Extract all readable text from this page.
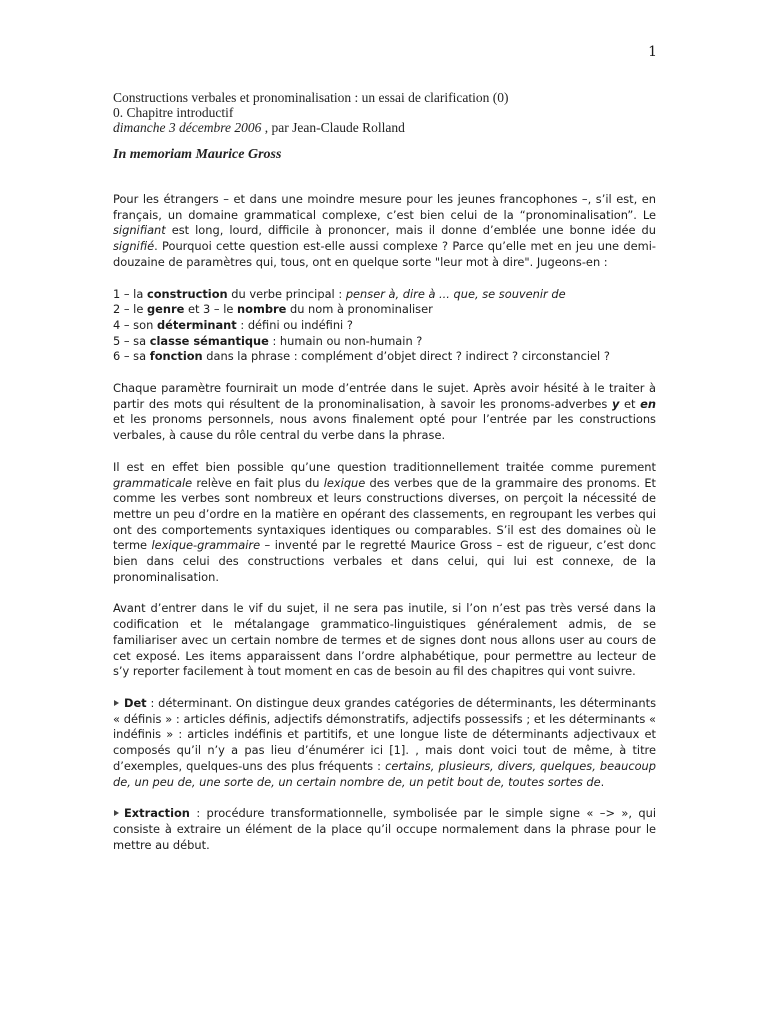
1
Constructions verbales et pronominalisation : un essai de clarification (0)
0. Chapitre introductif
dimanche 3 décembre 2006 , par Jean-Claude Rolland
In memoriam Maurice Gross

Pour les étrangers – et dans une moindre mesure pour les jeunes francophones –, s’il est, en français, un domaine grammatical complexe, c’est bien celui de la “pronominalisation”. Le signifiant est long, lourd, difficile à prononcer, mais il donne d’emblée une bonne idée du signifié. Pourquoi cette question est-elle aussi complexe ? Parce qu’elle met en jeu une demi-douzaine de paramètres qui, tous, ont en quelque sorte "leur mot à dire". Jugeons-en :

1 – la construction du verbe principal : penser à, dire à ... que, se souvenir de
2 – le genre et 3 – le nombre du nom à pronominaliser
4 – son déterminant : défini ou indéfini ?
5 – sa classe sémantique : humain ou non-humain ?
6 – sa fonction dans la phrase : complément d’objet direct ? indirect ? circonstanciel ?

Chaque paramètre fournirait un mode d’entrée dans le sujet. Après avoir hésité à le traiter à partir des mots qui résultent de la pronominalisation, à savoir les pronoms-adverbes y et en et les pronoms personnels, nous avons finalement opté pour l’entrée par les constructions verbales, à cause du rôle central du verbe dans la phrase.

Il est en effet bien possible qu’une question traditionnellement traitée comme purement grammaticale relève en fait plus du lexique des verbes que de la grammaire des pronoms. Et comme les verbes sont nombreux et leurs constructions diverses, on perçoit la nécessité de mettre un peu d’ordre en la matière en opérant des classements, en regroupant les verbes qui ont des comportements syntaxiques identiques ou comparables. S’il est des domaines où le terme lexique-grammaire – inventé par le regretté Maurice Gross – est de rigueur, c’est donc bien dans celui des constructions verbales et dans celui, qui lui est connexe, de la pronominalisation.

Avant d’entrer dans le vif du sujet, il ne sera pas inutile, si l’on n’est pas très versé dans la codification et le métalangage grammatico-linguistiques généralement admis, de se familiariser avec un certain nombre de termes et de signes dont nous allons user au cours de cet exposé. Les items apparaissent dans l’ordre alphabétique, pour permettre au lecteur de s’y reporter facilement à tout moment en cas de besoin au fil des chapitres qui vont suivre.

Det : déterminant. On distingue deux grandes catégories de déterminants, les déterminants « définis » : articles définis, adjectifs démonstratifs, adjectifs possessifs ; et les déterminants « indéfinis » : articles indéfinis et partitifs, et une longue liste de déterminants adjectivaux et composés qu’il n’y a pas lieu d’énumérer ici [1]. , mais dont voici tout de même, à titre d’exemples, quelques-uns des plus fréquents : certains, plusieurs, divers, quelques, beaucoup de, un peu de, une sorte de, un certain nombre de, un petit bout de, toutes sortes de.

Extraction : procédure transformationnelle, symbolisée par le simple signe « –> », qui consiste à extraire un élément de la place qu’il occupe normalement dans la phrase pour le mettre au début.
